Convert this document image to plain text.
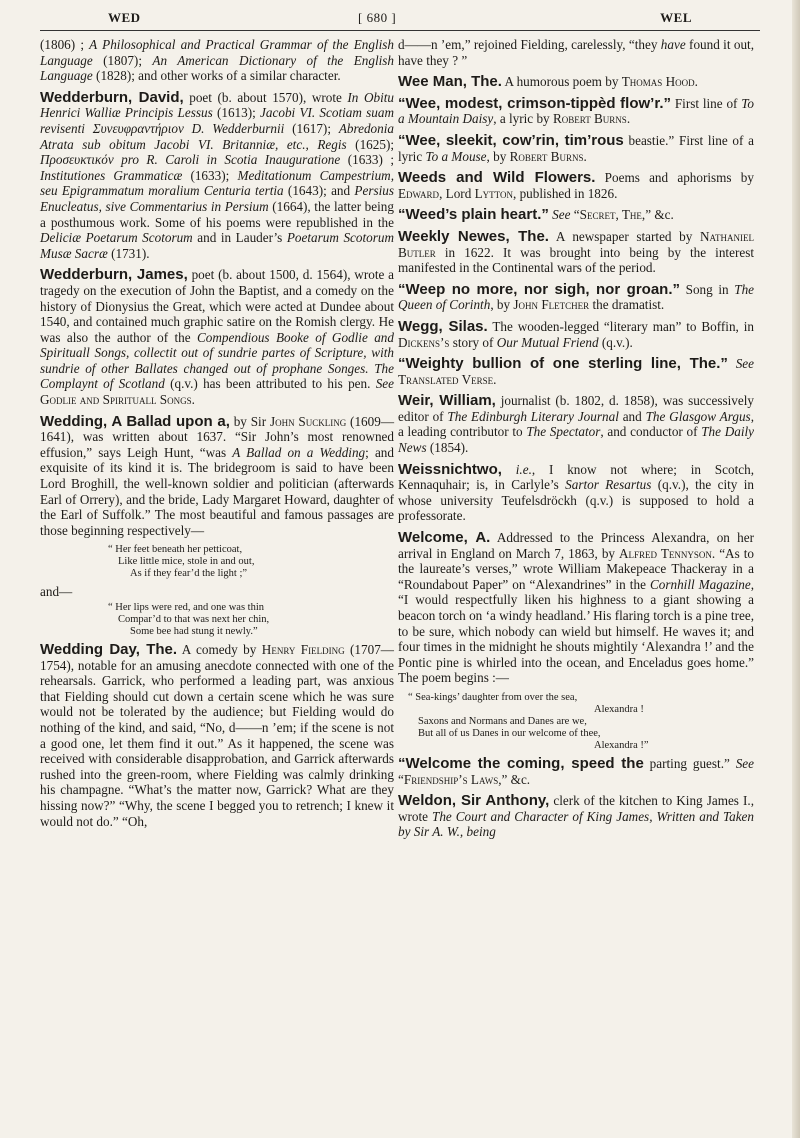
WED	[ 680 ]	WEL

(1806) ; A Philosophical and Practical Grammar of the English Language (1807); An American Dictionary of the English Language (1828); and other works of a similar character.

Wedderburn, David, poet (b. about 1570), wrote In Obitu Henrici Walliæ Principis Lessus (1613); Jacobi VI. Scotiam suam revisenti Συνευφραντήριον D. Wedderburnii (1617); Abredonia Atrata sub obitum Jacobi VI. Britanniæ, etc., Regis (1625); Προσευκτικόν pro R. Caroli in Scotia Inauguratione (1633) ; Institutiones Grammaticæ (1633); Meditationum Campestrium, seu Epigrammatum moralium Centuria tertia (1643); and Persius Enucleatus, sive Commentarius in Persium (1664), the latter being a posthumous work. Some of his poems were republished in the Deliciæ Poetarum Scotorum and in Lauder’s Poetarum Scotorum Musæ Sacræ (1731).

Wedderburn, James, poet (b. about 1500, d. 1564), wrote a tragedy on the execution of John the Baptist, and a comedy on the history of Dionysius the Great, which were acted at Dundee about 1540, and contained much graphic satire on the Romish clergy. He was also the author of the Compendious Booke of Godlie and Spirituall Songs, collectit out of sundrie partes of Scripture, with sundrie of other Ballates changed out of prophane Songes. The Complaynt of Scotland (q.v.) has been attributed to his pen. See Godlie and Spirituall Songs.

Wedding, A Ballad upon a, by Sir John Suckling (1609—1641), was written about 1637. “Sir John’s most renowned effusion,” says Leigh Hunt, “was A Ballad on a Wedding; and exquisite of its kind it is. The bridegroom is said to have been Lord Broghill, the well-known soldier and politician (afterwards Earl of Orrery), and the bride, Lady Margaret Howard, daughter of the Earl of Suffolk.” The most beautiful and famous passages are those beginning respectively—

“ Her feet beneath her petticoat,
Like little mice, stole in and out,
As if they fear’d the light ;”

and—

“ Her lips were red, and one was thin
Compar’d to that was next her chin,
Some bee had stung it newly.”

Wedding Day, The. A comedy by Henry Fielding (1707—1754), notable for an amusing anecdote connected with one of the rehearsals. Garrick, who performed a leading part, was anxious that Fielding should cut down a certain scene which he was sure would not be tolerated by the audience; but Fielding would do nothing of the kind, and said, “No, d——n ’em; if the scene is not a good one, let them find it out.” As it happened, the scene was received with considerable disapprobation, and Garrick afterwards rushed into the green-room, where Fielding was calmly drinking his champagne. “What’s the matter now, Garrick? What are they hissing now?” “Why, the scene I begged you to retrench; I knew it would not do.” “Oh,

d——n ’em,” rejoined Fielding, carelessly, “they have found it out, have they ? ”

Wee Man, The. A humorous poem by Thomas Hood.

“Wee, modest, crimson-tippèd flow’r.” First line of To a Mountain Daisy, a lyric by Robert Burns.

“Wee, sleekit, cow’rin, tim’rous beastie.” First line of a lyric To a Mouse, by Robert Burns.

Weeds and Wild Flowers. Poems and aphorisms by Edward, Lord Lytton, published in 1826.

“Weed’s plain heart.” See “Secret, The,” &c.

Weekly Newes, The. A newspaper started by Nathaniel Butler in 1622. It was brought into being by the interest manifested in the Continental wars of the period.

“Weep no more, nor sigh, nor groan.” Song in The Queen of Corinth, by John Fletcher the dramatist.

Wegg, Silas. The wooden-legged “literary man” to Boffin, in Dickens’s story of Our Mutual Friend (q.v.).

“Weighty bullion of one sterling line, The.” See Translated Verse.

Weir, William, journalist (b. 1802, d. 1858), was successively editor of The Edinburgh Literary Journal and The Glasgow Argus, a leading contributor to The Spectator, and conductor of The Daily News (1854).

Weissnichtwo, i.e., I know not where; in Scotch, Kennaquhair; is, in Carlyle’s Sartor Resartus (q.v.), the city in whose university Teufelsdröckh (q.v.) is supposed to hold a professorate.

Welcome, A. Addressed to the Princess Alexandra, on her arrival in England on March 7, 1863, by Alfred Tennyson. “As to the laureate’s verses,” wrote William Makepeace Thackeray in a “Roundabout Paper” on “Alexandrines” in the Cornhill Magazine, “I would respectfully liken his highness to a giant showing a beacon torch on ‘a windy headland.’ His flaring torch is a pine tree, to be sure, which nobody can wield but himself. He waves it; and four times in the midnight he shouts mightily ‘Alexandra !’ and the Pontic pine is whirled into the ocean, and Enceladus goes home.” The poem begins :—

“ Sea-kings’ daughter from over the sea,
Alexandra !
Saxons and Normans and Danes are we,
But all of us Danes in our welcome of thee,
Alexandra !”

“Welcome the coming, speed the parting guest.” See “Friendship’s Laws,” &c.

Weldon, Sir Anthony, clerk of the kitchen to King James I., wrote The Court and Character of King James, Written and Taken by Sir A. W., being
